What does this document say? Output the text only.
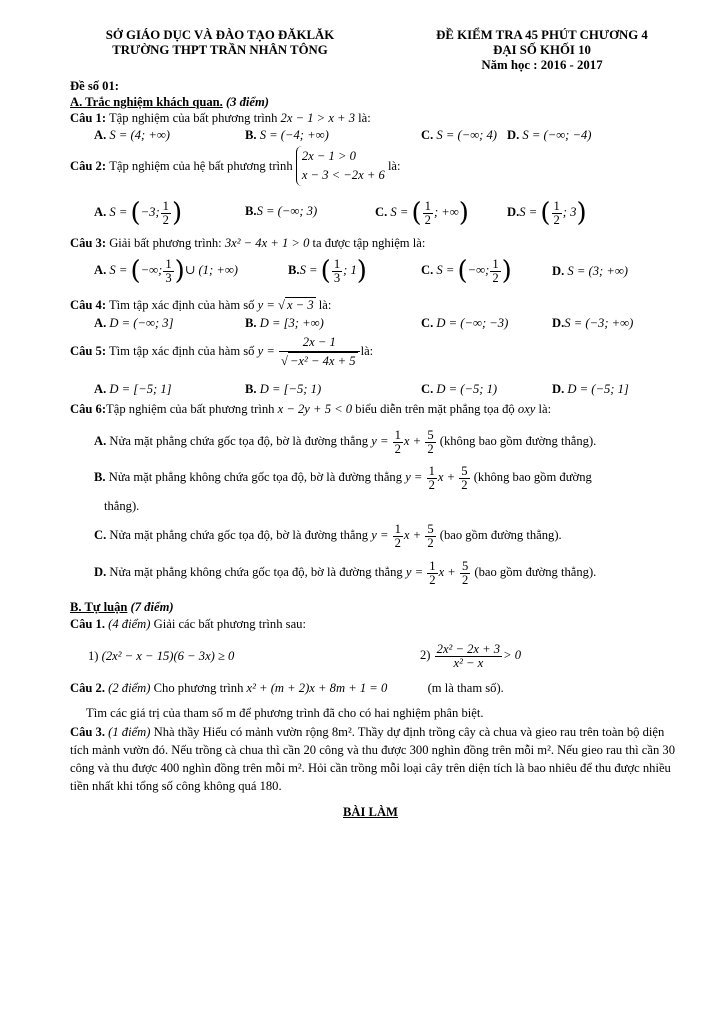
SỞ GIÁO DỤC VÀ ĐÀO TẠO ĐĂKLĂK
TRƯỜNG THPT TRẦN NHÂN TÔNG
ĐỀ KIỂM TRA 45 PHÚT CHƯƠNG 4
ĐẠI SỐ KHỐI 10
Năm học : 2016 - 2017
Đề số 01:
A. Trắc nghiệm khách quan. (3 điểm)
Câu 1: Tập nghiệm của bất phương trình 2x − 1 > x + 3 là:
A. S = (4; +∞)	B. S = (−4; +∞)	C. S = (−∞; 4) D. S = (−∞; −4)
Câu 2: Tập nghiệm của hệ bất phương trình
2x − 1 > 0
x − 3 < −2x + 6
là:
A. S = (−3; $\frac{1}{2}$ )	B.S = (−∞; 3)	C. S = ( $\frac{1}{2}$ ; +∞)	D.S = ( $\frac{1}{2}$ ; 3)
Câu 3: Giải bất phương trình: 3x² − 4x + 1 > 0 ta được tập nghiệm là:
A. S = (−∞; $\frac{1}{3}$ )∪ (1; +∞)	B.S = ( $\frac{1}{3}$ ; 1)	C. S = (−∞; $\frac{1}{2}$ )	D. S = (3; +∞)
Câu 4: Tìm tập xác định của hàm số y = √ x − 3 là:
A. D = (−∞; 3]	B. D = [3; +∞)	C. D = (−∞; −3)	D.S = (−3; +∞)
Câu 5: Tìm tập xác định của hàm số $y = \frac{2x - 1}{\text{√ −x² − 4x + 5}}$ là:
A. D = [−5; 1]	B. D = [−5; 1)	C. D = (−5; 1)	D. D = (−5; 1]
Câu 6:Tập nghiệm của bất phương trình x − 2y + 5 < 0 biểu diễn trên mặt phẳng tọa độ oxy là:
A. Nửa mặt phẳng chứa gốc tọa độ, bờ là đường thẳng $y = \frac{1}{2}$ $x + \frac{5}{2}$ (không bao gồm đường thẳng).
B. Nửa mặt phẳng không chứa gốc tọa độ, bờ là đường thẳng $y = \frac{1}{2}$ $x + \frac{5}{2}$ (không bao gồm đường
thẳng).
C. Nửa mặt phẳng chứa gốc tọa độ, bờ là đường thẳng $y = \frac{1}{2}$ $x + \frac{5}{2} (bao$ gồm đường thẳng).
D. Nửa mặt phẳng không chứa gốc tọa độ, bờ là đường thẳng $y = \frac{1}{2}$ $x + \frac{5}{2} (bao$ gồm đường thẳng).
B. Tự luận (7 điểm)
Câu 1. (4 điểm) Giải các bất phương trình sau:
1) (2x² − x − 15)(6 − 3x) ≥ 0	$2) \frac{\text{2x² − 2x + 3}}{\text{x² − x}} > 0$
Câu 2. (2 điểm) Cho phương trình x² + (m + 2)x + 8m + 1 = 0	(m là tham số).
Tìm các giá trị của tham số m để phương trình đã cho có hai nghiệm phân biệt.
Câu 3. (1 điểm) Nhà thầy Hiếu có mảnh vườn rộng 8m². Thầy dự định trồng cây cà chua và gieo rau trên toàn bộ diện tích mảnh vườn đó. Nếu trồng cà chua thì cần 20 công và thu được 300 nghìn đồng trên mỗi m². Nếu gieo rau thì cần 30 công và thu được 400 nghìn đồng trên mỗi m². Hỏi cần trồng mỗi loại cây trên diện tích là bao nhiêu để thu được nhiều tiền nhất khi tổng số công không quá 180.
BÀI LÀM
